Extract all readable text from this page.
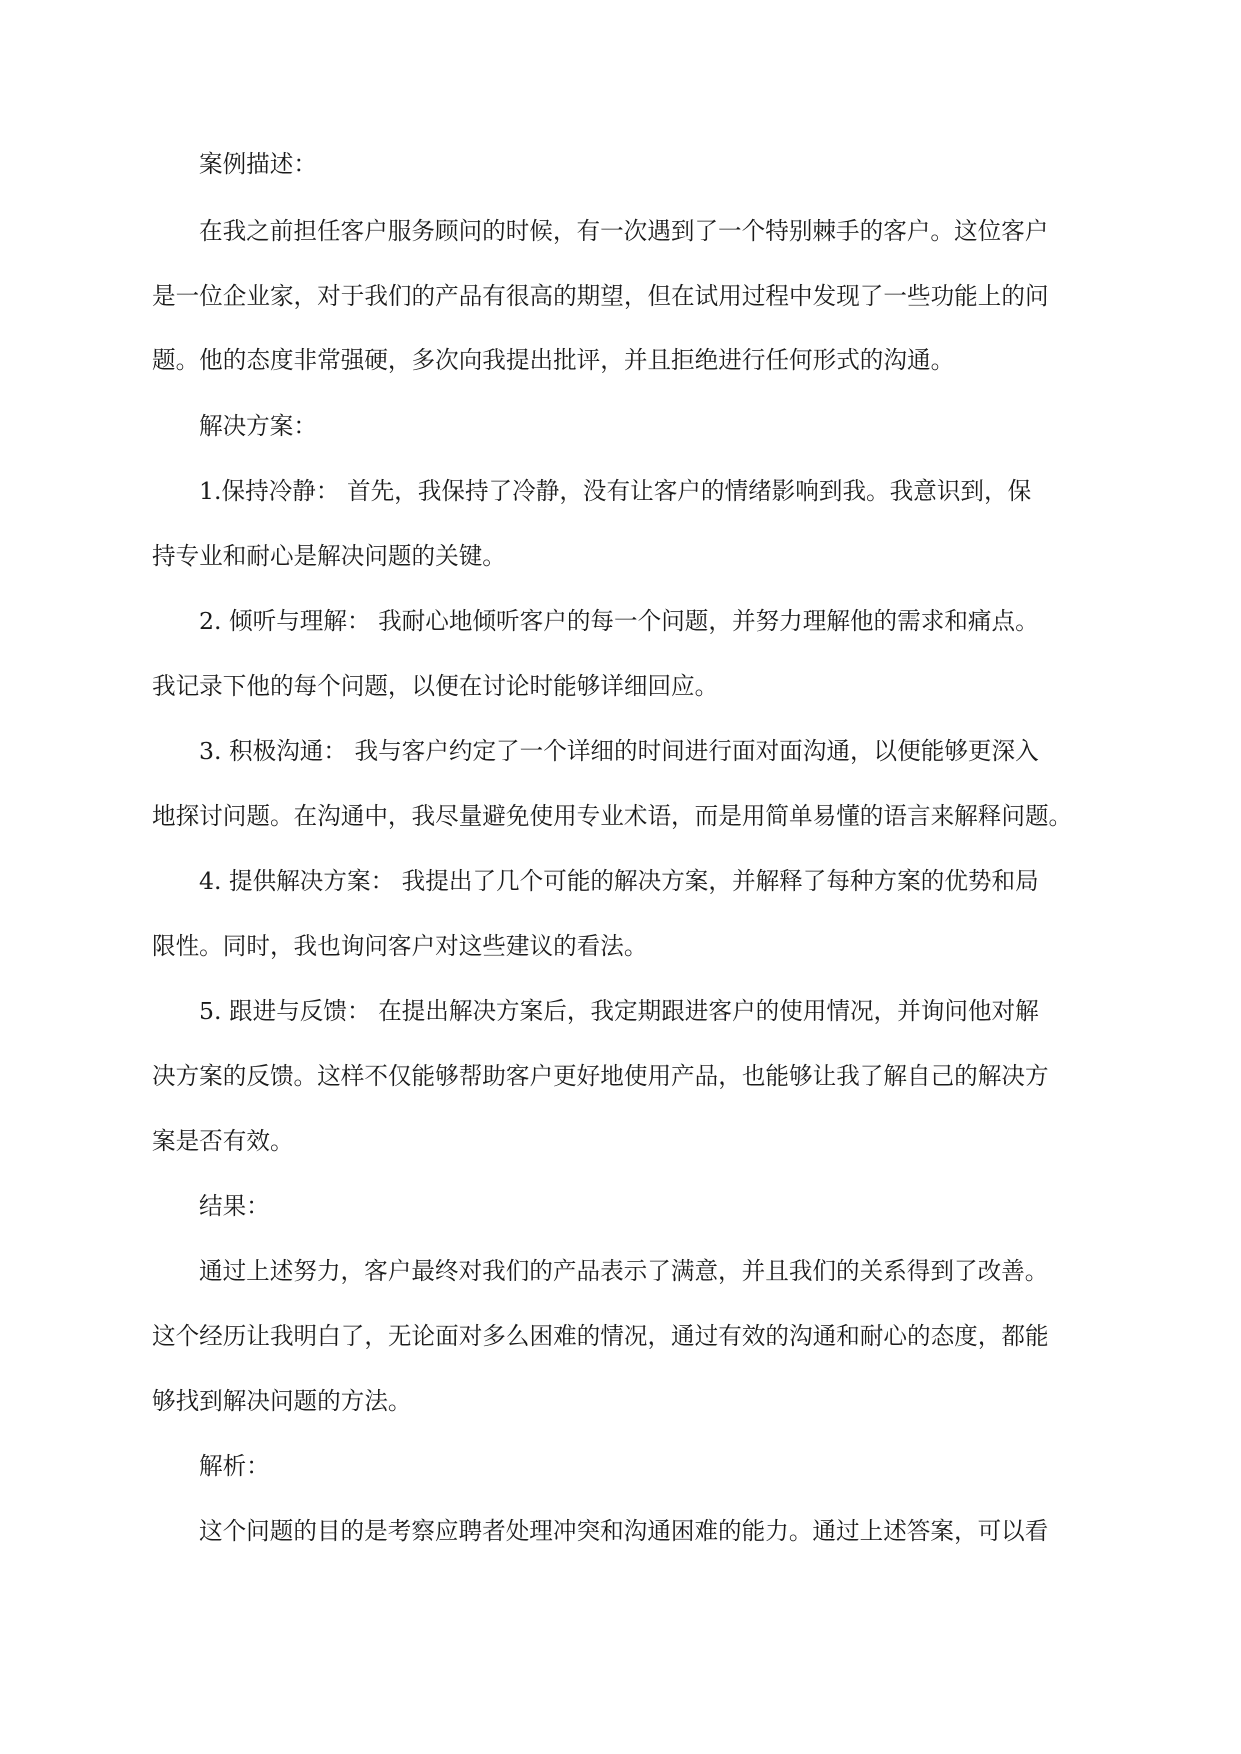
案例描述：

在我之前担任客户服务顾问的时候，有一次遇到了一个特别棘手的客户。这位客户

是一位企业家，对于我们的产品有很高的期望，但在试用过程中发现了一些功能上的问

题。他的态度非常强硬，多次向我提出批评，并且拒绝进行任何形式的沟通。

解决方案：

1.保持冷静： 首先，我保持了冷静，没有让客户的情绪影响到我。我意识到，保

持专业和耐心是解决问题的关键。

2. 倾听与理解： 我耐心地倾听客户的每一个问题，并努力理解他的需求和痛点。

我记录下他的每个问题，以便在讨论时能够详细回应。

3. 积极沟通： 我与客户约定了一个详细的时间进行面对面沟通，以便能够更深入

地探讨问题。在沟通中，我尽量避免使用专业术语，而是用简单易懂的语言来解释问题。

4. 提供解决方案： 我提出了几个可能的解决方案，并解释了每种方案的优势和局

限性。同时，我也询问客户对这些建议的看法。

5. 跟进与反馈： 在提出解决方案后，我定期跟进客户的使用情况，并询问他对解

决方案的反馈。这样不仅能够帮助客户更好地使用产品，也能够让我了解自己的解决方

案是否有效。

结果：

通过上述努力，客户最终对我们的产品表示了满意，并且我们的关系得到了改善。

这个经历让我明白了，无论面对多么困难的情况，通过有效的沟通和耐心的态度，都能

够找到解决问题的方法。

解析：

这个问题的目的是考察应聘者处理冲突和沟通困难的能力。通过上述答案，可以看
